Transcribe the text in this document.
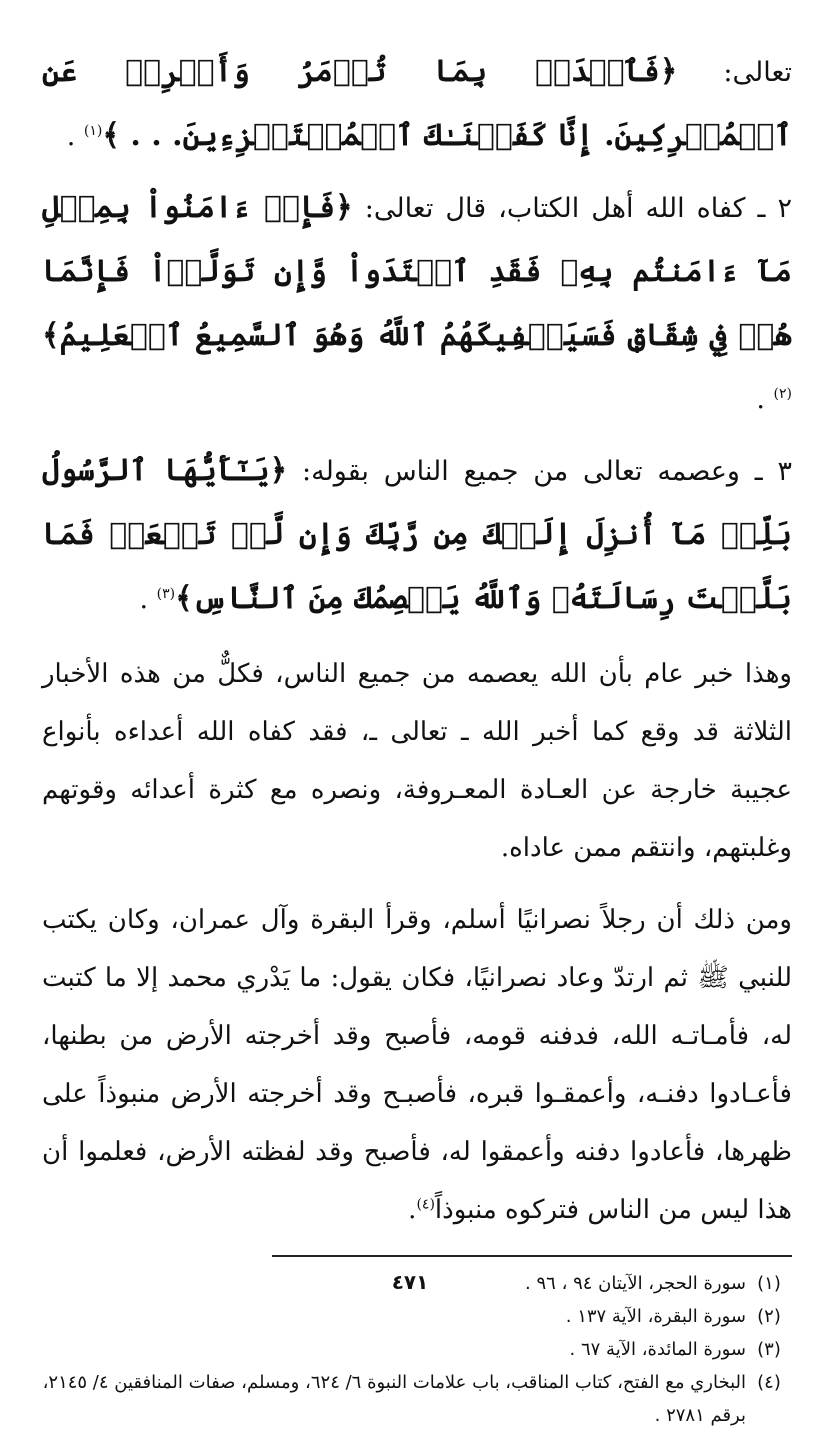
تعالى: ﴿فَٱصۡدَعۡ بِمَا تُؤۡمَرُ وَأَعۡرِضۡ عَنِ ٱلۡمُشۡرِكِينَ. إِنَّا كَفَيۡنَـٰكَ ٱلۡمُسۡتَهۡزِءِينَ. . . ﴾$^{(١)}$ .

٢ ـ كفاه الله أهل الكتاب، قال تعالى: ﴿فَإِنۡ ءَامَنُواْ بِمِثۡلِ مَآ ءَامَنتُم بِهِۦ فَقَدِ ٱهۡتَدَواْ وَّإِن تَوَلَّوۡاْ فَإِنَّمَا هُمۡ فِي شِقَاقٖ فَسَيَكۡفِيكَهُمُ ٱللَّهُ وَهُوَ ٱلسَّمِيعُ ٱلۡعَلِيمُ﴾$^{(٢)}$ .

٣ ـ وعصمه تعالى من جميع الناس بقوله: ﴿يَـٰٓأَيُّهَا ٱلرَّسُولُ بَلِّغۡ مَآ أُنزِلَ إِلَيۡكَ مِن رَّبِّكَ وَإِن لَّمۡ تَفۡعَلۡ فَمَا بَلَّغۡتَ رِسَالَتَهُۥ وَٱللَّهُ يَعۡصِمُكَ مِنَ ٱلنَّاسِ﴾$^{(٣)}$ .

وهذا خبر عام بأن الله يعصمه من جميع الناس، فكلٌّ من هذه الأخبار الثلاثة قد وقع كما أخبر الله ـ تعالى ـ، فقد كفاه الله أعداءه بأنواع عجيبة خارجة عن العـادة المعـروفة، ونصره مع كثرة أعدائه وقوتهم وغلبتهم، وانتقم ممن عاداه.

ومن ذلك أن رجلاً نصرانيًا أسلم، وقرأ البقرة وآل عمران، وكان يكتب للنبي ﷺ ثم ارتدّ وعاد نصرانيًا، فكان يقول: ما يَدْري محمد إلا ما كتبت له، فأمـاتـه الله، فدفنه قومه، فأصبح وقد أخرجته الأرض من بطنها، فأعـادوا دفنـه، وأعمقـوا قبره، فأصبـح وقد أخرجته الأرض منبوذاً على ظهرها، فأعادوا دفنه وأعمقوا له، فأصبح وقد لفظته الأرض، فعلموا أن هذا ليس من الناس فتركوه منبوذاً$^{(٤)}$.

(١)
سورة الحجر، الآيتان ٩٤ ، ٩٦ .
(٢)
سورة البقرة، الآية ١٣٧ .
(٣)
سورة المائدة، الآية ٦٧ .
(٤)
البخاري مع الفتح، كتاب المناقب، باب علامات النبوة ٦/ ٦٢٤، ومسلم، صفات المنافقين ٤/ ٢١٤٥، برقم ٢٧٨١ .
٤٧١
